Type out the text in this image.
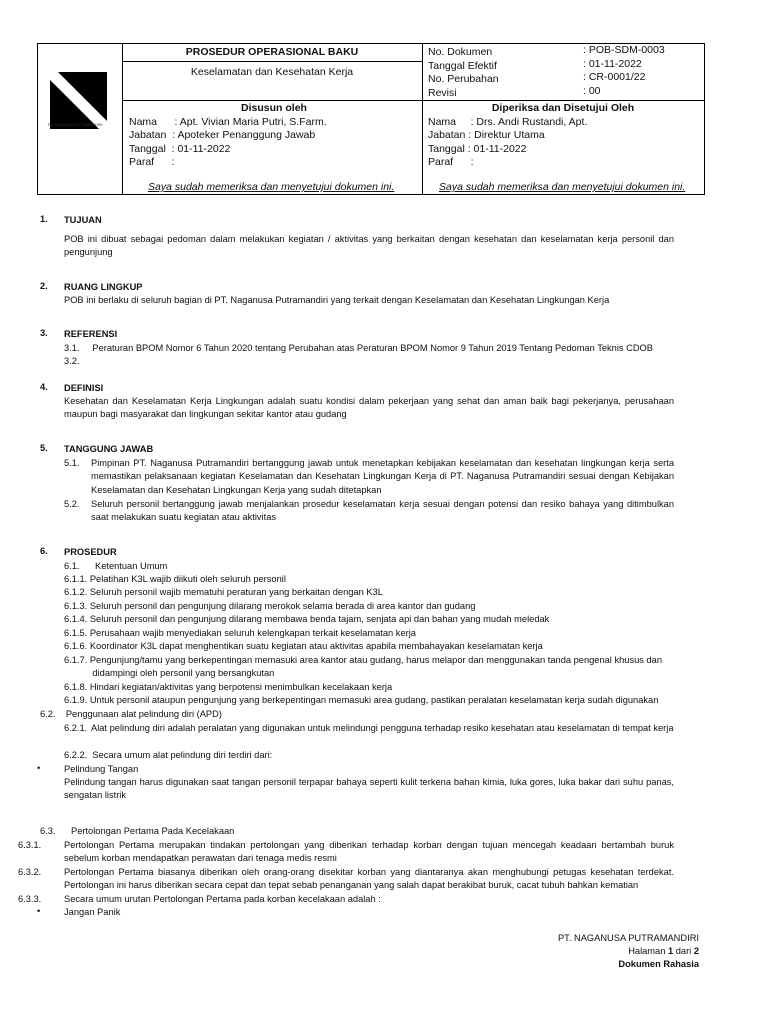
PT. NAGANUSA PUTRAMANDIRI
PROSEDUR OPERASIONAL BAKU
Keselamatan dan Kesehatan Kerja
No. Dokumen
Tanggal Efektif
No. Perubahan
Revisi
: POB-SDM-0003
: 01-11-2022
: CR-0001/22
: 00
Disusun oleh
Nama      : Apt. Vivian Maria Putri, S.Farm.
Jabatan  : Apoteker Penanggung Jawab
Tanggal  : 01-11-2022
Paraf      :
Saya sudah memeriksa dan menyetujui dokumen ini.
Diperiksa dan Disetujui Oleh
Nama     : Drs. Andi Rustandi, Apt.
Jabatan : Direktur Utama
Tanggal : 01-11-2022
Paraf      :
Saya sudah memeriksa dan menyetujui dokumen ini.
1. TUJUAN
POB ini dibuat sebagai pedoman dalam melakukan kegiatan / aktivitas yang berkaitan dengan kesehatan dan keselamatan kerja personil dan pengunjung
2. RUANG LINGKUP
POB ini berlaku di seluruh bagian di PT. Naganusa Putramandiri yang terkait dengan Keselamatan dan Kesehatan Lingkungan Kerja
3. REFERENSI
3.1.     Peraturan BPOM Nomor 6 Tahun 2020 tentang Perubahan atas Peraturan BPOM Nomor 9 Tahun 2019 Tentang Pedoman Teknis CDOB
3.2.
4. DEFINISI
Kesehatan dan Keselamatan Kerja Lingkungan adalah suatu kondisi dalam pekerjaan yang sehat dan aman baik bagi pekerjanya, perusahaan maupun bagi masyarakat dan lingkungan sekitar kantor atau gudang
5. TANGGUNG JAWAB
5.1. Pimpinan PT. Naganusa Putramandiri bertanggung jawab untuk menetapkan kebijakan keselamatan dan kesehatan lingkungan kerja serta memastikan pelaksanaan kegiatan Keselamatan dan Kesehatan Lingkungan Kerja di PT. Naganusa Putramandiri sesuai dengan Kebijakan Keselamatan dan Kesehatan Lingkungan Kerja yang sudah ditetapkan
5.2. Seluruh personil bertanggung jawab menjalankan prosedur keselamatan kerja sesuai dengan potensi dan resiko bahaya yang ditimbulkan saat melakukan suatu kegiatan atau aktivitas
6. PROSEDUR
6.1.      Ketentuan Umum
6.1.1. Pelatihan K3L wajib diikuti oleh seluruh personil
6.1.2. Seluruh personil wajib mematuhi peraturan yang berkaitan dengan K3L
6.1.3. Seluruh personil dan pengunjung dilarang merokok selama berada di area kantor dan gudang
6.1.4. Seluruh personil dan pengunjung dilarang membawa benda tajam, senjata api dan bahan yang mudah meledak
6.1.5. Perusahaan wajib menyediakan seluruh kelengkapan terkait keselamatan kerja
6.1.6. Koordinator K3L dapat menghentikan suatu kegiatan atau aktivitas apabila membahayakan keselamatan kerja
6.1.7. Pengunjung/tamu yang berkepentingan memasuki area kantor atau gudang, harus melapor dan menggunakan tanda pengenal khusus dan
didampingi oleh personil yang bersangkutan
6.1.8. Hindari kegiatan/aktivitas yang berpotensi menimbulkan kecelakaan kerja
6.1.9. Untuk personil ataupun pengunjung yang berkepentingan memasuki area gudang, pastikan peralatan keselamatan kerja sudah digunakan
6.2.    Penggunaan alat pelindung diri (APD)
6.2.1. Alat pelindung diri adalah peralatan yang digunakan untuk melindungi pengguna terhadap resiko kesehatan atau keselamatan di tempat kerja
6.2.2.  Secara umum alat pelindung diri terdiri dari:
•	Pelindung Tangan
Pelindung tangan harus digunakan saat tangan personil terpapar bahaya seperti kulit terkena bahan kimia, luka gores, luka bakar dari suhu panas, sengatan listrik
6.3.      Pertolongan Pertama Pada Kecelakaan
6.3.1. Pertolongan Pertama merupakan tindakan pertolongan yang diberikan terhadap korban dengan tujuan mencegah keadaan bertambah buruk sebelum korban mendapatkan perawatan dari tenaga medis resmi
6.3.2. Pertolongan Pertama biasanya diberikan oleh orang-orang disekitar korban yang diantaranya akan menghubungi petugas kesehatan terdekat. Pertolongan ini harus diberikan secara cepat dan tepat sebab penanganan yang salah dapat berakibat buruk, cacat tubuh bahkan kematian
6.3.3. Secara umum urutan Pertolongan Pertama pada korban kecelakaan adalah :
•	Jangan Panik
PT. NAGANUSA PUTRAMANDIRI
Halaman 1 dari 2
Dokumen Rahasia
